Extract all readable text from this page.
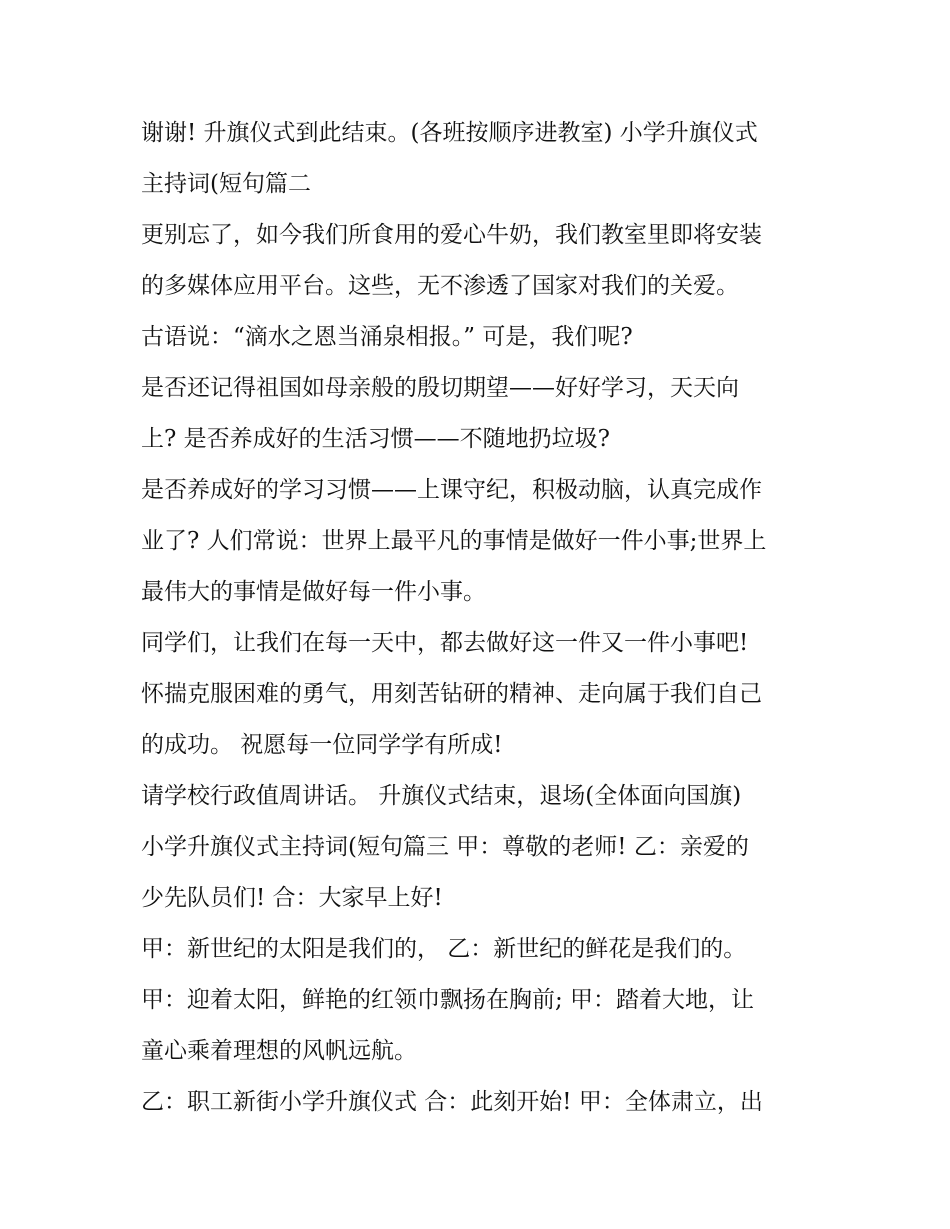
谢谢! 升旗仪式到此结束。(各班按顺序进教室) 小学升旗仪式
主持词(短句篇二
更别忘了，如今我们所食用的爱心牛奶，我们教室里即将安装
的多媒体应用平台。这些，无不渗透了国家对我们的关爱。
古语说：“滴水之恩当涌泉相报。” 可是，我们呢?
是否还记得祖国如母亲般的殷切期望——好好学习，天天向
上? 是否养成好的生活习惯——不随地扔垃圾?
是否养成好的学习习惯——上课守纪，积极动脑，认真完成作
业了? 人们常说：世界上最平凡的事情是做好一件小事;世界上
最伟大的事情是做好每一件小事。
同学们，让我们在每一天中，都去做好这一件又一件小事吧!
怀揣克服困难的勇气，用刻苦钻研的精神、走向属于我们自己
的成功。 祝愿每一位同学学有所成!
请学校行政值周讲话。 升旗仪式结束，退场(全体面向国旗)
小学升旗仪式主持词(短句篇三 甲：尊敬的老师! 乙：亲爱的
少先队员们! 合：大家早上好!
甲：新世纪的太阳是我们的， 乙：新世纪的鲜花是我们的。
甲：迎着太阳，鲜艳的红领巾飘扬在胸前; 甲：踏着大地，让
童心乘着理想的风帆远航。
乙：职工新街小学升旗仪式 合：此刻开始! 甲：全体肃立，出
